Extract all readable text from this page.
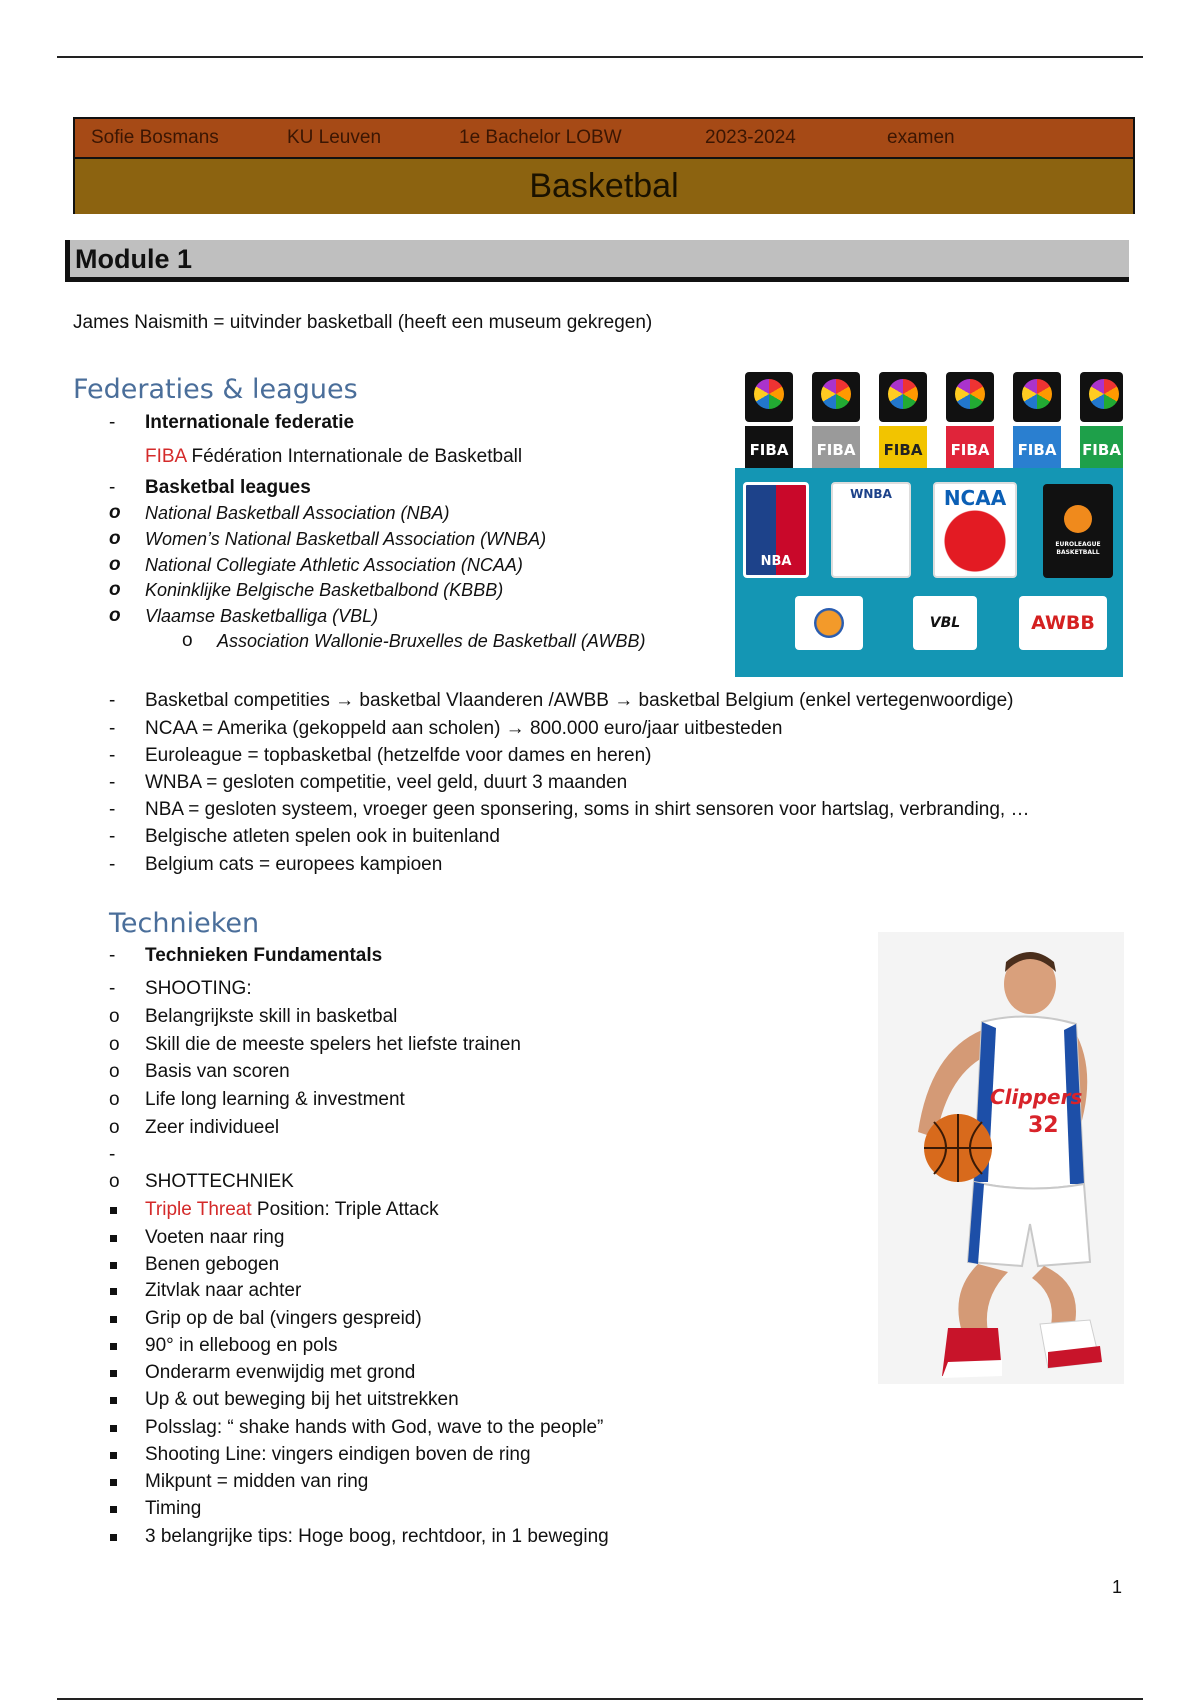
Sofie Bosmans	KU Leuven	1e Bachelor LOBW	2023-2024	examen
Basketbal
Module 1
James Naismith = uitvinder basketball (heeft een museum gekregen)
Federaties & leagues
-
Internationale federatie
FIBA Fédération Internationale de Basketball
-
Basketbal leagues
o National Basketball Association (NBA)
o Women’s National Basketball Association (WNBA)
o National Collegiate Athletic Association (NCAA)
o Koninklijke Belgische Basketbalbond (KBBB)
o Vlaamse Basketballiga (VBL)
o Association Wallonie-Bruxelles de Basketball (AWBB)
FIBA	FIBA	FIBA	FIBA	FIBA	FIBA
NBA
WNBA	NCAA
EUROLEAGUE BASKETBALL
VBL	AWBB
-
Basketbal competities → basketbal Vlaanderen /AWBB → basketbal Belgium (enkel vertegenwoordige)
-
NCAA = Amerika (gekoppeld aan scholen) → 800.000 euro/jaar uitbesteden
-
Euroleague = topbasketbal (hetzelfde voor dames en heren)
-
WNBA = gesloten competitie, veel geld, duurt 3 maanden
-
NBA = gesloten systeem, vroeger geen sponsering, soms in shirt sensoren voor hartslag, verbranding, …
-
Belgische atleten spelen ook in buitenland
-
Belgium cats = europees kampioen
Technieken
-
Technieken Fundamentals
-
SHOOTING:
o Belangrijkste skill in basketbal
o Skill die de meeste spelers het liefste trainen
o Basis van scoren
o Life long learning & investment
o Zeer individueel
-
o SHOTTECHNIEK
Triple Threat Position: Triple Attack
Voeten naar ring
Benen gebogen
Zitvlak naar achter
Grip op de bal (vingers gespreid)
90° in elleboog en pols
Onderarm evenwijdig met grond
Up & out beweging bij het uitstrekken
Polsslag: “ shake hands with God, wave to the people”
Shooting Line: vingers eindigen boven de ring
Mikpunt = midden van ring
Timing
3 belangrijke tips: Hoge boog, rechtdoor, in 1 beweging
Clippers
32
1
